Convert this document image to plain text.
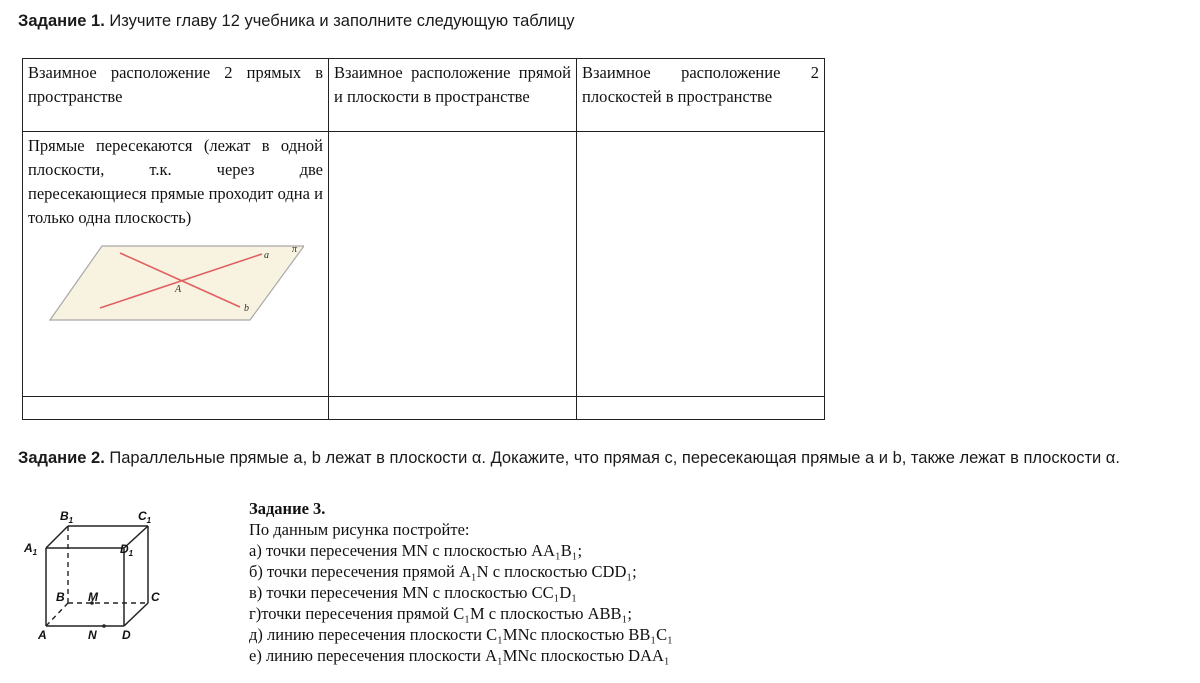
Задание 1. Изучите главу 12 учебника и заполните следующую таблицу
Взаимное расположение 2 прямых в пространстве	Взаимное расположение прямой и плоскости в пространстве	Взаимное расположение 2 плоскостей в пространстве

Прямые пересекаются (лежат в одной плоскости, т.к. через две пересекающиеся прямые проходит одна и только одна плоскость)

a
π
A
b		

Задание 2. Параллельные прямые a, b лежат в плоскости α. Докажите, что прямая c, пересекающая прямые a и b, также лежат в плоскости α.
$B_1$	$C_1$
$A_1$	$D_1$
B M	C
A	N D
Задание 3.
По данным рисунка постройте:
а) точки пересечения MN с плоскостью AA₁B₁;
б) точки пересечения прямой A₁N с плоскостью CDD₁;
в) точки пересечения MN с плоскостью CC₁D₁
г)точки пересечения прямой C₁M с плоскостью ABB₁;
д) линию пересечения плоскости C₁MNc плоскостью BB₁C₁
е) линию пересечения плоскости A₁MNc плоскостью DAA₁
